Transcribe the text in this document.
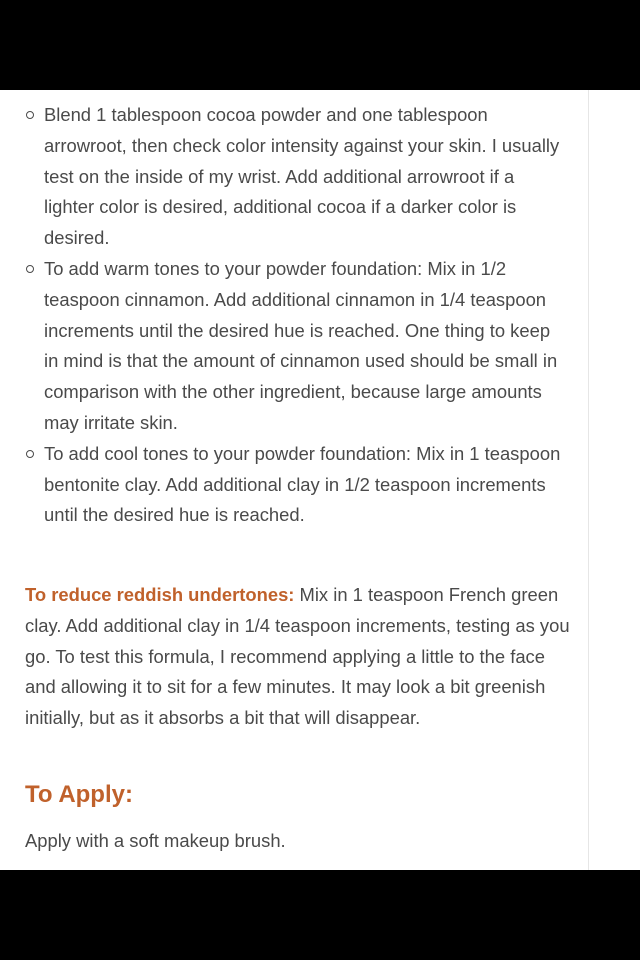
Blend 1 tablespoon cocoa powder and one tablespoon arrowroot, then check color intensity against your skin. I usually test on the inside of my wrist. Add additional arrowroot if a lighter color is desired, additional cocoa if a darker color is desired.
To add warm tones to your powder foundation: Mix in 1/2 teaspoon cinnamon. Add additional cinnamon in 1/4 teaspoon increments until the desired hue is reached. One thing to keep in mind is that the amount of cinnamon used should be small in comparison with the other ingredient, because large amounts may irritate skin.
To add cool tones to your powder foundation: Mix in 1 teaspoon bentonite clay. Add additional clay in 1/2 teaspoon increments until the desired hue is reached.

To reduce reddish undertones: Mix in 1 teaspoon French green clay. Add additional clay in 1/4 teaspoon increments, testing as you go. To test this formula, I recommend applying a little to the face and allowing it to sit for a few minutes. It may look a bit greenish initially, but as it absorbs a bit that will disappear.

To Apply:

Apply with a soft makeup brush.
